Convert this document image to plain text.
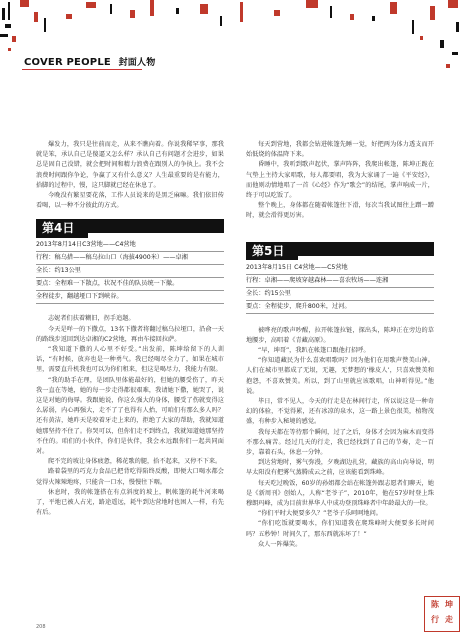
COVER PEOPLE 封面人物

爆发力，我只是往前而走，从来不瞧向着。你说我稀罕事，那我就是笨，承认自己是傻逼又怎么样？承认自己有问题才会进步，如果总是固自己没错，就会把时间和精力浪费在跟别人的争执上。我不会浪费时间跟你争论，争赢了又有什么意义？人生最重要的是有能力，拾脚的过程中，慢，这只脚就已经在休息了。

今晚没有繁星要花落，工作人员说来的是黑乏麻嘛。我们依旧传看喝，以一种不分彼此的方式。

第4日
2013年8月14日C3营地——C4营地
行程：稿乌措——稿乌拉山口（海拔4900米）——卓湘
全长：约13公里
要点：全程难一下散点，状况不佳的队员统一下撤。
全程徒步，翻越垭口下到峡谷。

志妮者们扶着糊旧，拐手追题。

今天是咩一的下撒点，13名下撒者将翻过稿乌拉垭口，沿俞一天的路线步返回到达卓湘的C2营地，再由车接回拉萨。

“我知道下撒的人心里不好受。”出发前，陈坤给留下的人训话，“有时候，放弃也是一种勇气。我已经喝尽全力了，如果在城市里，需要直升机我也可以为你们租来，但这是喝尽力，我能力有限。

“我的助手在理，是团队里体能最好的，但她的腰受伤了，昨天我一直在等她，她的每一步走得都很艰难，我请她下撒，她哭了，说这是对她的侮辱。我跟她说，你这么强大的身体，腰受了伤就变得这么孱弱，内心再强大，走不了了也得有人抬，可咱们有那么多人吗？还有黄洁，她昨天是咬着牙走上来的，拒绝了大家的帮助，我就知道她那坚持不住了。你哭可以，但你们走不到终点，我就知道她那坚持不住的。咱们的小伙伴，你们是伙伴，我会永远跟你们一起共同面对。

爬不完的坡让身体疲惫，稀花歌的腿，拾不起来，又停不下来。

路着袋里的巧克力食品已把背吃得陷终反酸，即便大口喝水都会觉得火辣辣地疼，只能含一口水，慢慢往下咽。

休息时，我的帐篷搭在有点斜度的坡上，帆帐篷的耗牛河来喝了，平地已被人占光，路途遥远，耗牛到达营地时也困人一样，有先有后。

每天到营地，我都会钻进帐篷先睡一觉，好把两为体力透支而开始低烧的体温降下来。

昏睡中，我听到歌声起伏，掌声阵阵，我爬出帐篷，陈坤正跪在气垫上主持大家唱歌，每人都要唱，我为大家诵了一遍《平安经》，而他则动情地唱了一首《心经》作为“歌会”的结尾，掌声响成一片，终于可以吃饭了。

整个晚上，身体都在随着帐篷往下滑，每次当我试图往上蹭一蹭时，就会滑得更厉害。

第5日
2013年8月15日 C4营地——C5营地
行程：卓湘——爬坡穿越森林——喜农牧场——连湘
全长：约15公里
要点：全程徒步，爬升800米，过河。

被哗亮的歌声吵醒，拉开帐篷拉链，探出头，陈坤正在旁边的草地腰步，高唱着《青藏高原》。

“早，坤哥”，我趴在帐篷口跟他打招呼。

“你知道藏民为什么喜欢唱歌吗？因为他们在用歌声赞美山神。人们在城市里都成了无垠，无趣，无梦想的‘橡皮人’，只喜欢赞美和抱怨，不喜欢赞美。所以，到了山里就应该歌唱，山神听得见。”他说。

毕日，常不见人，今天的行走是在林间行走，所以说这是一种奇幻的体验，不觉得累，还有冰凉的泉水，这一路上景色很美，植物茂盛，有种步入秘境的感觉。

我每天都在等待那个瞬间，过了之后，身体才会因为麻木而变得不那么痛苦。经过几天的行走，我已经找到了自己的节奏，走一百步，靠着石头，休息一分钟。

到达营地时，雾气弥漫，夕晚湖边扎营，藏族的高山向导说，明早太阳没有把雾气蒸腾成云之前，应该能看到珠峰。

每天吃过晚饭，60岁的孙姐都会站在帐篷外跟志愿者们聊天，她是《新周刊》创始人，人称“老爷子”，2010年，他在57岁时登上珠穆朗玛峰，成为目前世界华人中成功登顶珠峰者中年龄最大的一位。

“你们平时大便要多久？”老爷子乐呵呵地问。

“你们吃饭就要喝水，你们知道我在爬珠峰时大便要多长时间吗？五秒钟！时间久了，那东西就冻坏了！”

众人一阵爆笑。

208
陈 坤
行 走
